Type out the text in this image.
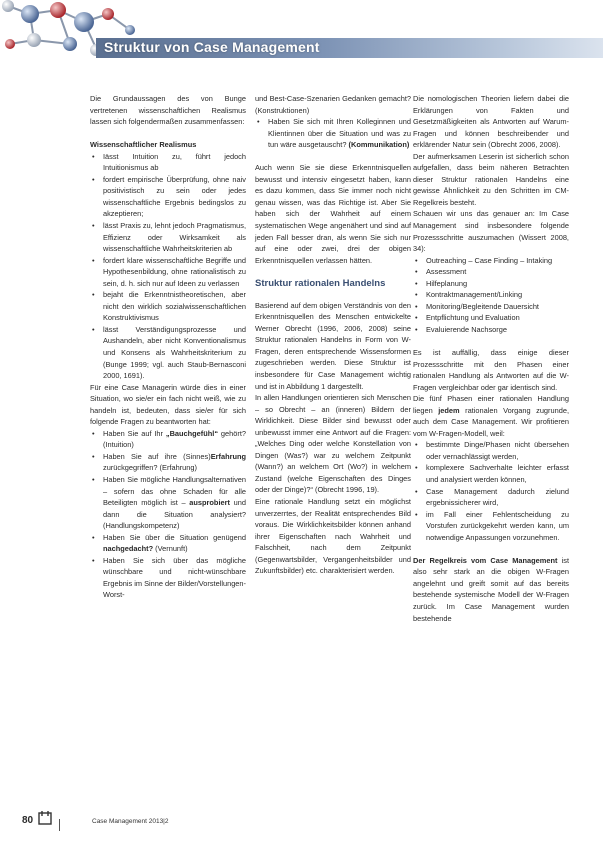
Struktur von Case Management

Die Grundaussagen des von Bunge vertretenen wissenschaftlichen Realismus lassen sich folgendermaßen zusammenfassen:

Wissenschaftlicher Realismus
• Iässt Intuition zu, führt jedoch Intuitionismus ab
• fordert empirische Überprüfung, ohne naiv positivistisch zu sein oder jedes wissenschaftliche Ergebnis bedingslos zu akzeptieren;
• lässt Praxis zu, lehnt jedoch Pragmatismus, Effizienz oder Wirksamkeit als wissenschaftliche Wahrheitskriterien ab
• fordert klare wissenschaftliche Begriffe und Hypothesenbildung, ohne rationalistisch zu sein, d. h. sich nur auf Ideen zu verlassen
• bejaht die Erkenntnistheoretischen, aber nicht den wirklich sozialwissenschaftlichen Konstruktivismus
• lässt Verständigungsprozesse und Aushandeln, aber nicht Konventionalismus und Konsens als Wahrheitskriterium zu (Bunge 1999; vgl. auch Staub-Bernasconi 2000, 1691).

Für eine Case Managerin würde dies in einer Situation, wo sie/er ein fach nicht weiß, wie zu handeln ist, bedeuten, dass sie/er für sich folgende Fragen zu beantworten hat:

• Haben Sie auf Ihr „Bauchgefühl“ gehört? (Intuition)
• Haben Sie auf ihre (Sinnes)Erfahrung zurückgegriffen? (Erfahrung)
• Haben Sie mögliche Handlungsalternativen – sofern das ohne Schaden für alle Beteiligten möglich ist – ausprobiert und dann die Situation analysiert? (Handlungskompetenz)
• Haben Sie über die Situation genügend nachgedacht? (Vernunft)
• Haben Sie sich über das mögliche wünschbare und nicht-wünschbare Ergebnis im Sinne der Bilder/Vorstellungen-Worst-

und Best-Case-Szenarien Gedanken gemacht? (Konstruktionen)

• Haben Sie sich mit Ihren Kolleginnen und Klientinnen über die Situation und was zu tun wäre ausgetauscht? (Kommunikation)

Auch wenn Sie sie diese Erkenntnisquellen bewusst und intensiv eingesetzt haben, kann es dazu kommen, dass Sie immer noch nicht genau wissen, was das Richtige ist. Aber Sie haben sich der Wahrheit auf einem systematischen Wege angenähert und sind auf jeden Fall besser dran, als wenn Sie sich nur auf eine oder zwei, drei der obigen Erkenntnisquellen verlassen hätten.

Struktur rationalen Handelns

Basierend auf dem obigen Verständnis von den Erkenntnisquellen des Menschen entwickelte Werner Obrecht (1996, 2006, 2008) seine Struktur rationalen Handelns in Form von W-Fragen, deren entsprechende Wissensformen zugeschrieben werden. Diese Struktur ist insbesondere für Case Management wichtig und ist in Abbildung 1 dargestellt.

In allen Handlungen orientieren sich Menschen – so Obrecht – an (inneren) Bildern der Wirklichkeit. Diese Bilder sind bewusst oder unbewusst immer eine Antwort auf die Fragen: „Welches Ding oder welche Konstellation von Dingen (Was?) war zu welchem Zeitpunkt (Wann?) an welchem Ort (Wo?) in welchem Zustand (welche Eigenschaften des Dinges oder der Dinge)?“ (Obrecht 1996, 19).

Eine rationale Handlung setzt ein möglichst unverzerrtes, der Realität entsprechendes Bild voraus. Die Wirklichkeitsbilder können anhand ihrer Eigenschaften nach Wahrheit und Falschheit, nach dem Zeitpunkt (Gegenwartsbilder, Vergangenheitsbilder und Zukunftsbilder) etc. charakterisiert werden.

Die nomologischen Theorien liefern dabei die Erklärungen von Fakten und Gesetzmäßigkeiten als Antworten auf Warum-Fragen und können beschreibender und erklärender Natur sein (Obrecht 2006, 2008).

Der aufmerksamen Leserin ist sicherlich schon aufgefallen, dass beim näheren Betrachten dieser Struktur rationalen Handelns eine gewisse Ähnlichkeit zu den Schritten im CM-Regelkreis besteht.

Schauen wir uns das genauer an: Im Case Management sind insbesondere folgende Prozessschritte auszumachen (Wissert 2008, 34):

• Outreaching – Case Finding – Intaking
• Assessment
• Hilfeplanung
• Kontraktmanagement/Linking
• Monitoring/Begleitende Dauersicht
• Entpflichtung und Evaluation
• Evaluierende Nachsorge

Es ist auffällig, dass einige dieser Prozessschritte mit den Phasen einer rationalen Handlung als Antworten auf die W-Fragen vergleichbar oder gar identisch sind.

Die fünf Phasen einer rationalen Handlung liegen jedem rationalen Vorgang zugrunde, auch dem Case Management. Wir profitieren vom W-Fragen-Modell, weil:

• bestimmte Dinge/Phasen nicht übersehen oder vernachlässigt werden,
• komplexere Sachverhalte leichter erfasst und analysiert werden können,
• Case Management dadurch zielund ergebnissicherer wird,
• im Fall einer Fehlentscheidung zu Vorstufen zurückgekehrt werden kann, um notwendige Anpassungen vorzunehmen.

Der Regelkreis vom Case Management ist also sehr stark an die obigen W-Fragen angelehnt und greift somit auf das bereits bestehende systemische Modell der W-Fragen zurück. Im Case Management wurden bestehende

80	Case Management 2013|2
